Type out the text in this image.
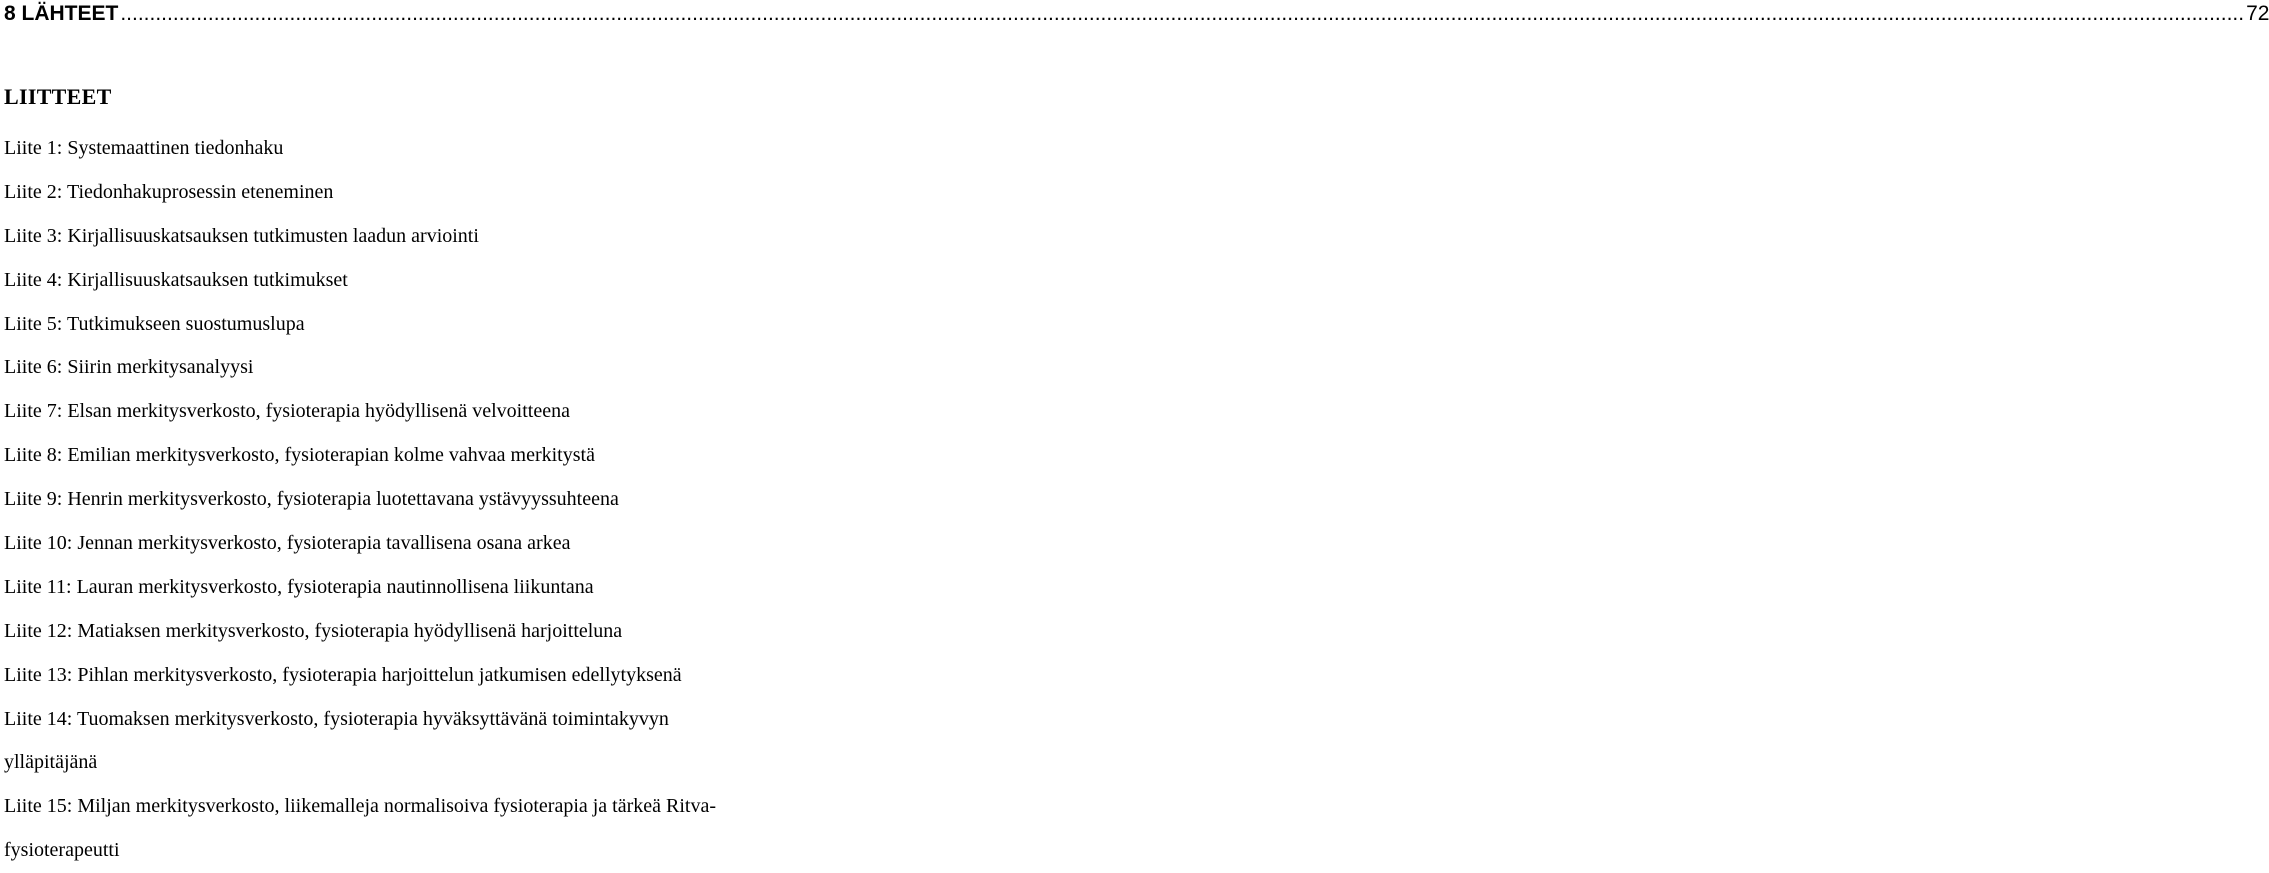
8 LÄHTEET ............................................................................................................................................................................................................................................................................................................................................................................ 72
LIITTEET
Liite 1: Systemaattinen tiedonhaku
Liite 2: Tiedonhakuprosessin eteneminen
Liite 3: Kirjallisuuskatsauksen tutkimusten laadun arviointi
Liite 4: Kirjallisuuskatsauksen tutkimukset
Liite 5: Tutkimukseen suostumuslupa
Liite 6: Siirin merkitysanalyysi
Liite 7: Elsan merkitysverkosto, fysioterapia hyödyllisenä velvoitteena
Liite 8: Emilian merkitysverkosto, fysioterapian kolme vahvaa merkitystä
Liite 9: Henrin merkitysverkosto, fysioterapia luotettavana ystävyyssuhteena
Liite 10: Jennan merkitysverkosto, fysioterapia tavallisena osana arkea
Liite 11: Lauran merkitysverkosto, fysioterapia nautinnollisena liikuntana
Liite 12: Matiaksen merkitysverkosto, fysioterapia hyödyllisenä harjoitteluna
Liite 13: Pihlan merkitysverkosto, fysioterapia harjoittelun jatkumisen edellytyksenä
Liite 14: Tuomaksen merkitysverkosto, fysioterapia hyväksyttävänä toimintakyvyn
ylläpitäjänä
Liite 15: Miljan merkitysverkosto, liikemalleja normalisoiva fysioterapia ja tärkeä Ritva-
fysioterapeutti
